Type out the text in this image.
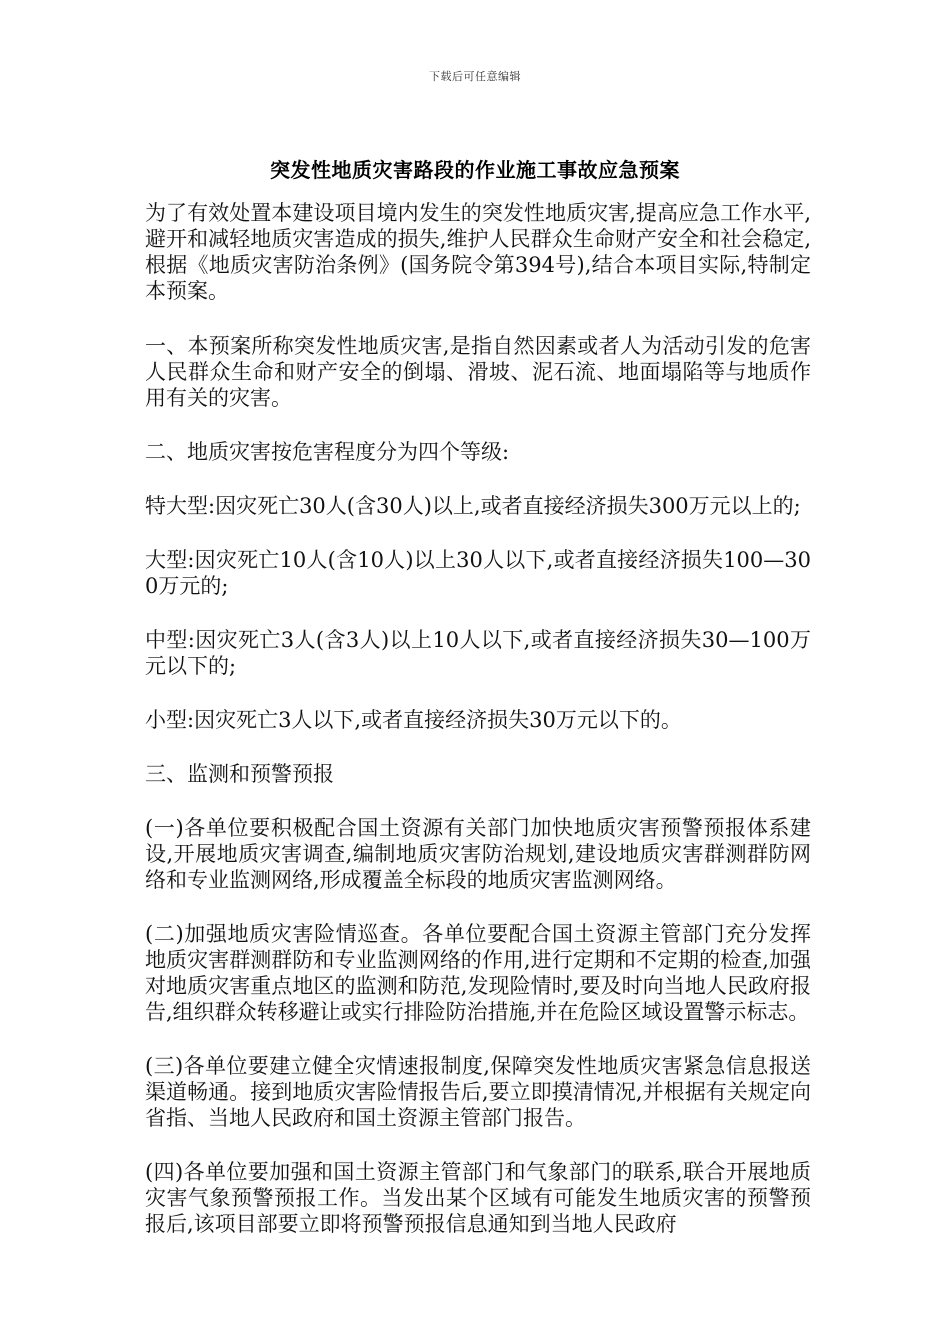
下载后可任意编辑
突发性地质灾害路段的作业施工事故应急预案

为了有效处置本建设项目境内发生的突发性地质灾害,提高应急工作水平,避开和减轻地质灾害造成的损失,维护人民群众生命财产安全和社会稳定,根据《地质灾害防治条例》(国务院令第394号),结合本项目实际,特制定本预案。

一、本预案所称突发性地质灾害,是指自然因素或者人为活动引发的危害人民群众生命和财产安全的倒塌、滑坡、泥石流、地面塌陷等与地质作用有关的灾害。

二、地质灾害按危害程度分为四个等级:

特大型:因灾死亡30人(含30人)以上,或者直接经济损失300万元以上的;

大型:因灾死亡10人(含10人)以上30人以下,或者直接经济损失100—300万元的;

中型:因灾死亡3人(含3人)以上10人以下,或者直接经济损失30—100万元以下的;

小型:因灾死亡3人以下,或者直接经济损失30万元以下的。

三、监测和预警预报

(一)各单位要积极配合国土资源有关部门加快地质灾害预警预报体系建设,开展地质灾害调查,编制地质灾害防治规划,建设地质灾害群测群防网络和专业监测网络,形成覆盖全标段的地质灾害监测网络。

(二)加强地质灾害险情巡查。各单位要配合国土资源主管部门充分发挥地质灾害群测群防和专业监测网络的作用,进行定期和不定期的检查,加强对地质灾害重点地区的监测和防范,发现险情时,要及时向当地人民政府报告,组织群众转移避让或实行排险防治措施,并在危险区域设置警示标志。

(三)各单位要建立健全灾情速报制度,保障突发性地质灾害紧急信息报送渠道畅通。接到地质灾害险情报告后,要立即摸清情况,并根据有关规定向省指、当地人民政府和国土资源主管部门报告。

(四)各单位要加强和国土资源主管部门和气象部门的联系,联合开展地质灾害气象预警预报工作。当发出某个区域有可能发生地质灾害的预警预报后,该项目部要立即将预警预报信息通知到当地人民政府
